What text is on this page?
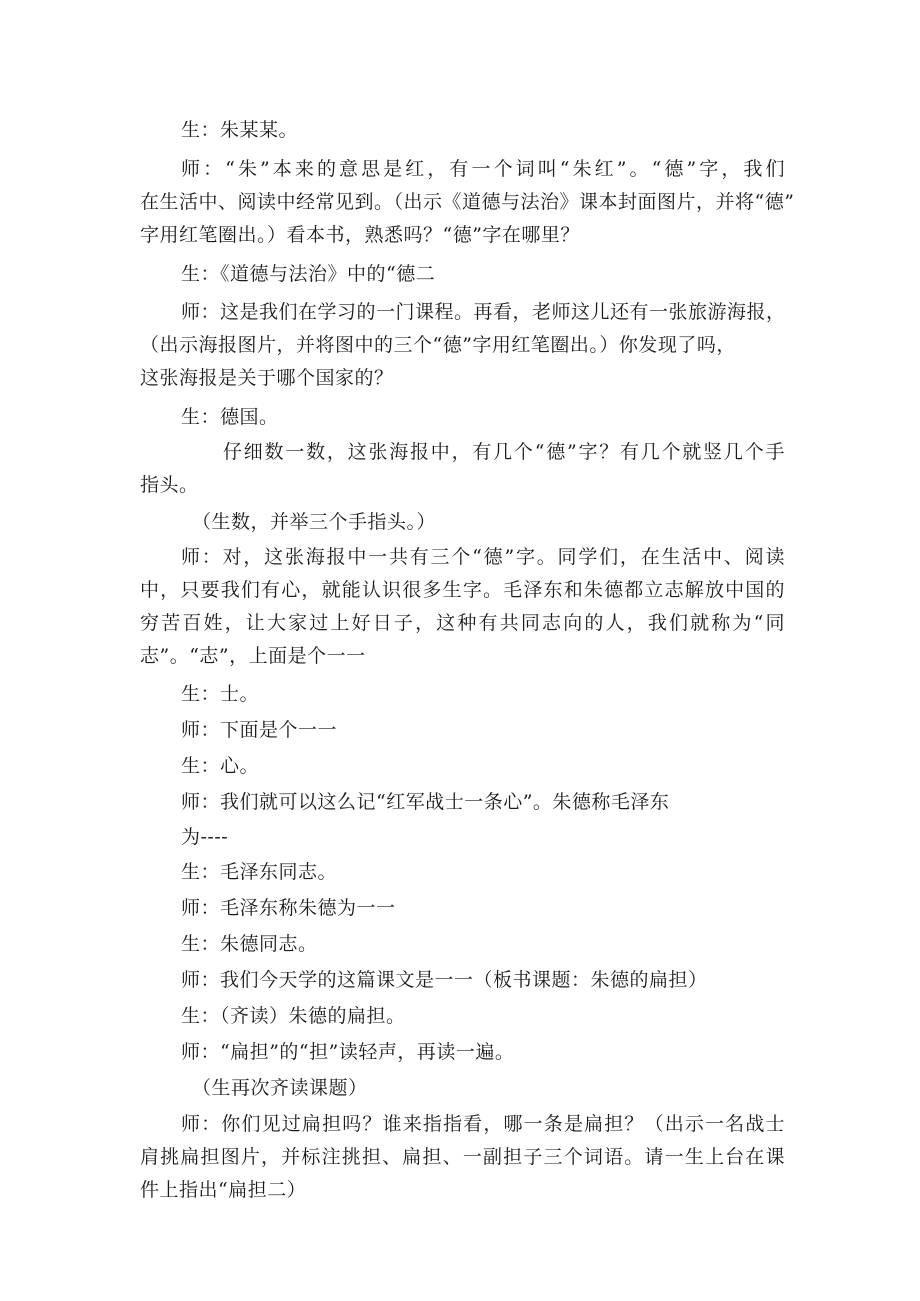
生：朱某某。
师：“朱”本来的意思是红，有一个词叫“朱红”。“德”字，我们
在生活中、阅读中经常见到。（出示《道德与法治》课本封面图片，并将“德”
字用红笔圈出。）看本书，熟悉吗？“德”字在哪里？
生：《道德与法治》中的“德二
师：这是我们在学习的一门课程。再看，老师这儿还有一张旅游海报，
（出示海报图片，并将图中的三个“德”字用红笔圈出。）你发现了吗，
这张海报是关于哪个国家的？
生：德国。
仔细数一数，这张海报中，有几个“德”字？有几个就竖几个手
指头。
（生数，并举三个手指头。）
师：对，这张海报中一共有三个“德”字。同学们，在生活中、阅读
中，只要我们有心，就能认识很多生字。毛泽东和朱德都立志解放中国的
穷苦百姓，让大家过上好日子，这种有共同志向的人，我们就称为“同
志”。“志”，上面是个一一
生：士。
师：下面是个一一
生：心。
师：我们就可以这么记“红军战士一条心”。朱德称毛泽东
为----
生：毛泽东同志。
师：毛泽东称朱德为一一
生：朱德同志。
师：我们今天学的这篇课文是一一（板书课题：朱德的扁担）
生：（齐读）朱德的扁担。
师：“扁担”的“担”读轻声，再读一遍。
（生再次齐读课题）
师：你们见过扁担吗？谁来指指看，哪一条是扁担？（出示一名战士
肩挑扁担图片，并标注挑担、扁担、一副担子三个词语。请一生上台在课
件上指出“扁担二）
